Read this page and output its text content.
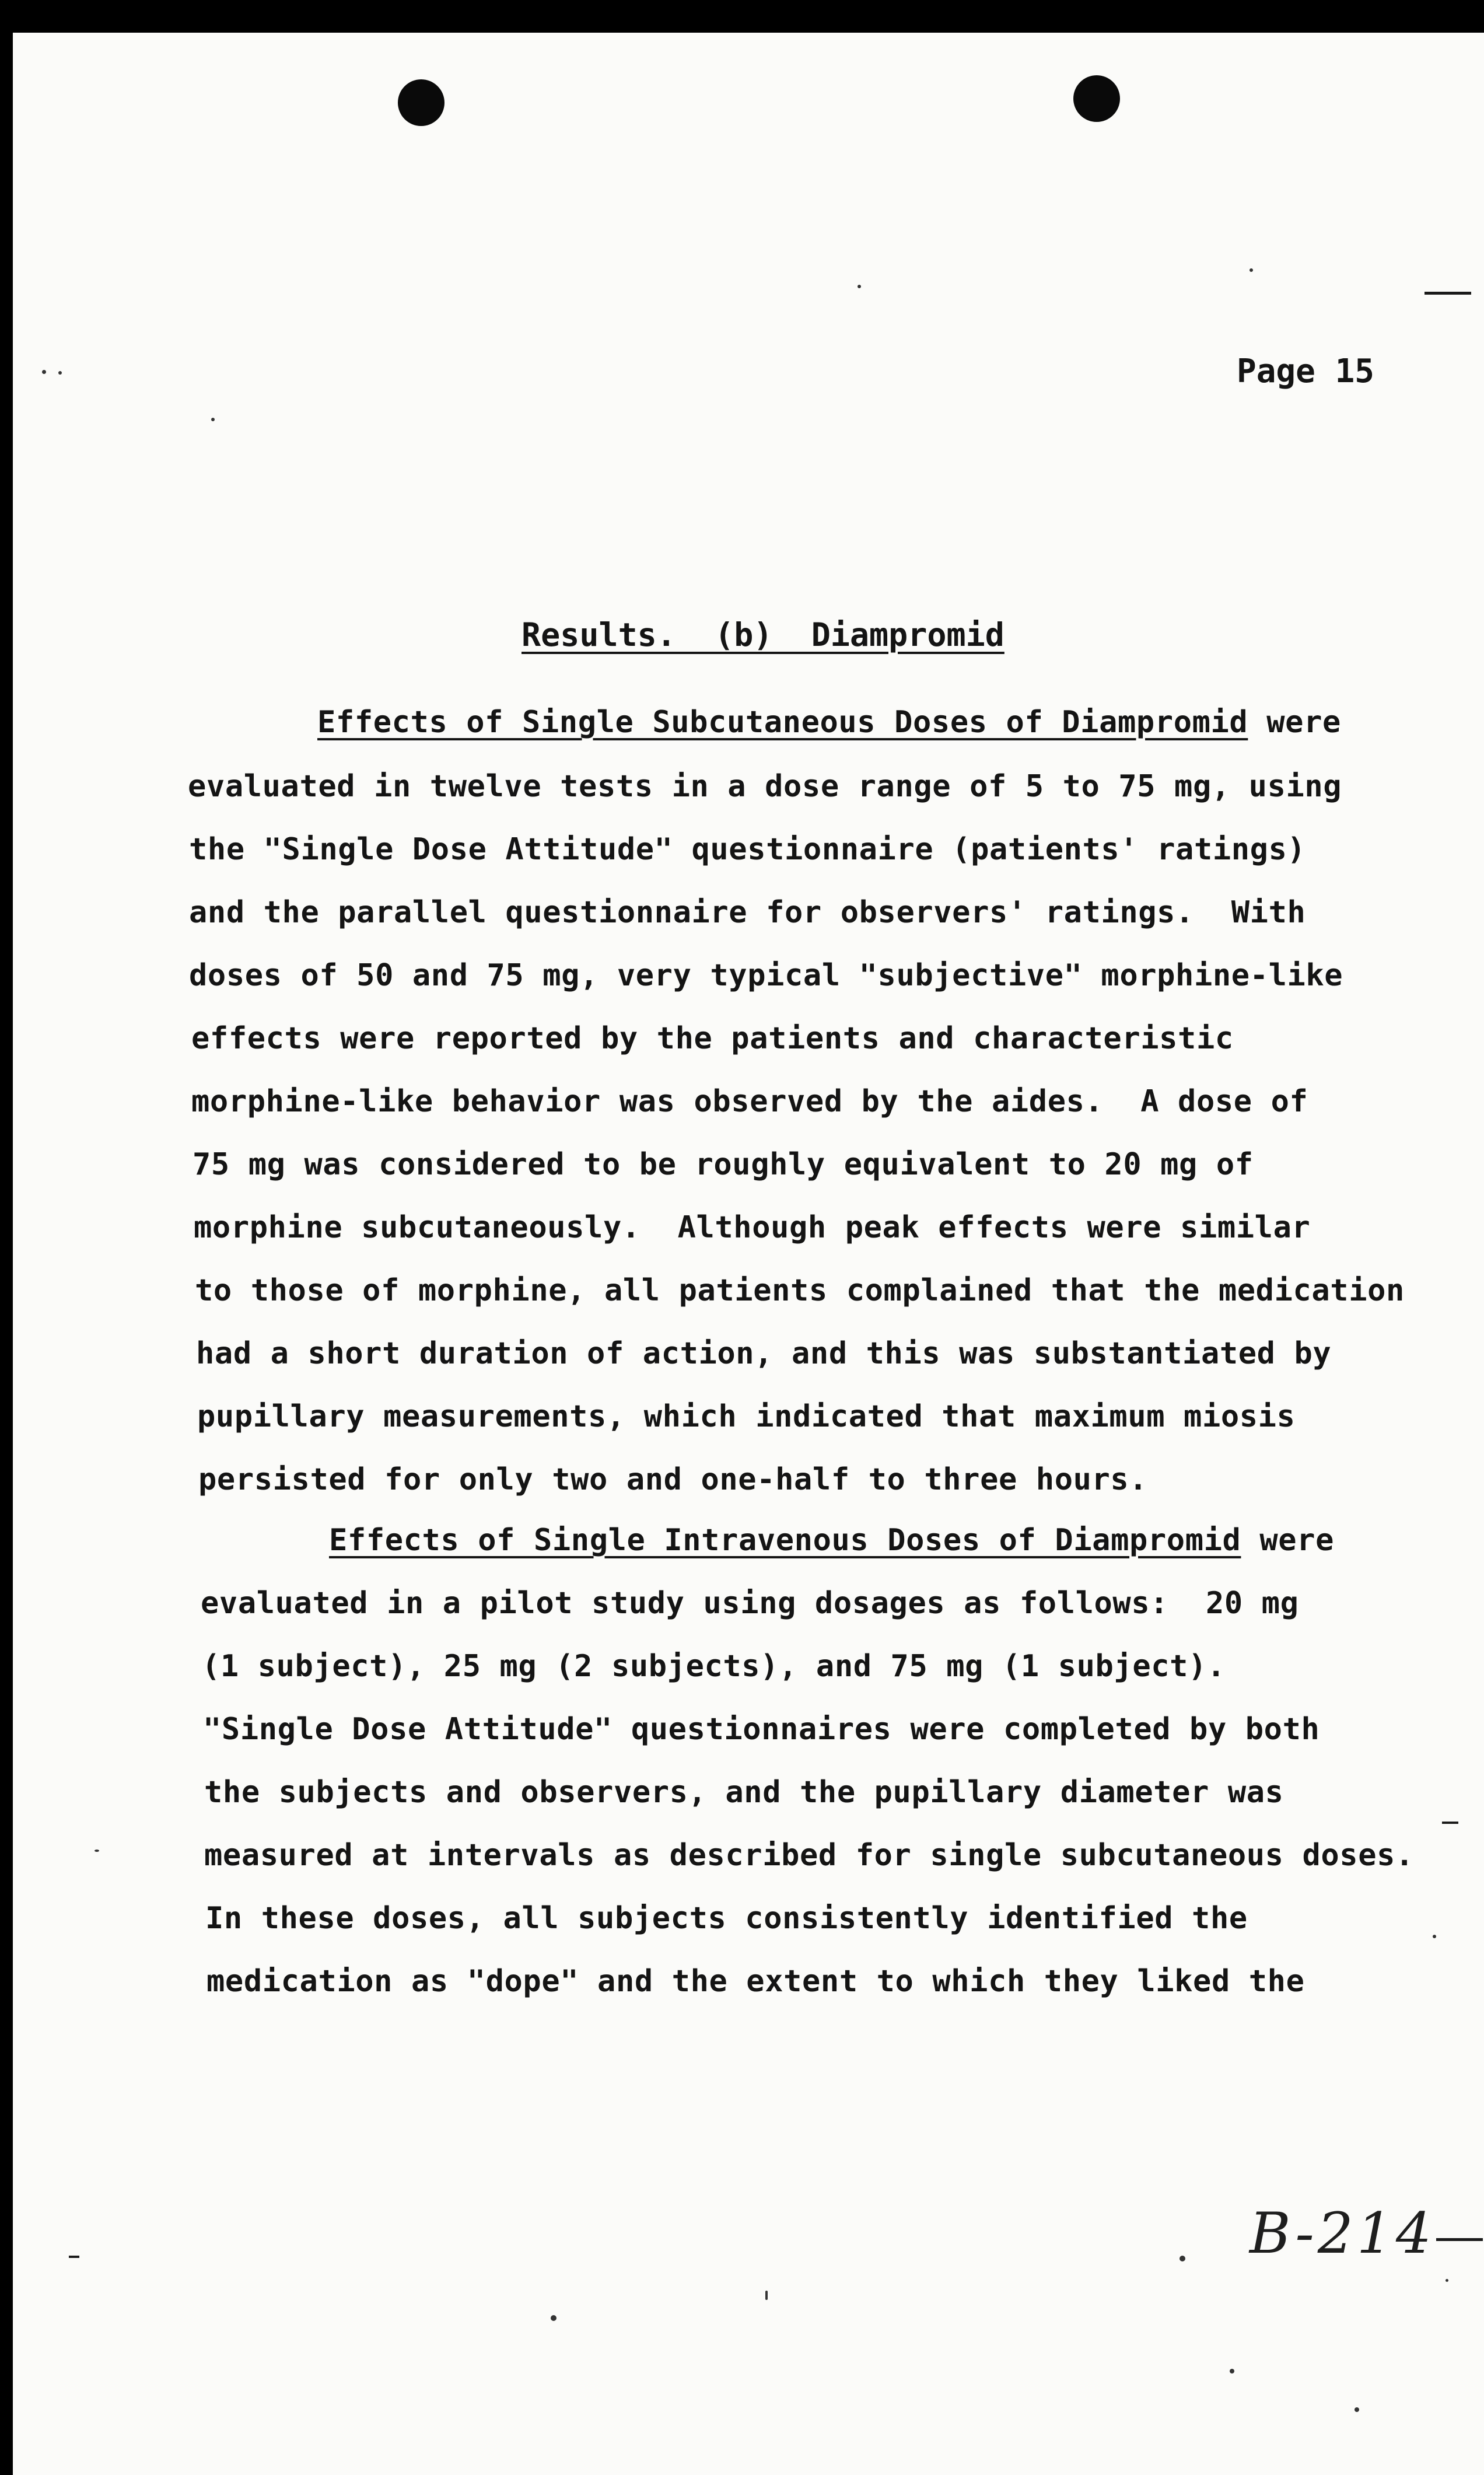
Page 15
Results.  (b)  Diampromid
Effects of Single Subcutaneous Doses of Diampromid were
evaluated in twelve tests in a dose range of 5 to 75 mg, using
the "Single Dose Attitude" questionnaire (patients' ratings)
and the parallel questionnaire for observers' ratings.  With
doses of 50 and 75 mg, very typical "subjective" morphine-like
effects were reported by the patients and characteristic
morphine-like behavior was observed by the aides.  A dose of
75 mg was considered to be roughly equivalent to 20 mg of
morphine subcutaneously.  Although peak effects were similar
to those of morphine, all patients complained that the medication
had a short duration of action, and this was substantiated by
pupillary measurements, which indicated that maximum miosis
persisted for only two and one-half to three hours.
Effects of Single Intravenous Doses of Diampromid were
evaluated in a pilot study using dosages as follows:  20 mg
(1 subject), 25 mg (2 subjects), and 75 mg (1 subject).
"Single Dose Attitude" questionnaires were completed by both
the subjects and observers, and the pupillary diameter was
measured at intervals as described for single subcutaneous doses.
In these doses, all subjects consistently identified the
medication as "dope" and the extent to which they liked the
B-214
